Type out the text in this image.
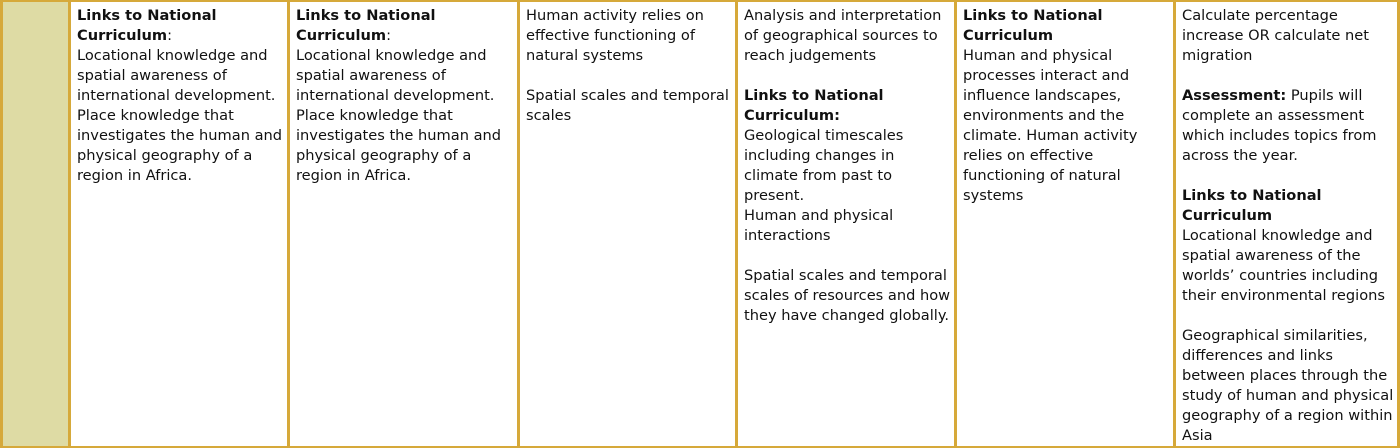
Links to National Curriculum:
Locational knowledge and spatial awareness of international development.
Place knowledge that investigates the human and physical geography of a region in Africa.
Links to National Curriculum:
Locational knowledge and spatial awareness of international development.
Place knowledge that investigates the human and physical geography of a region in Africa.
Human activity relies on effective functioning of natural systems
Spatial scales and temporal scales
Analysis and interpretation of geographical sources to reach judgements
Links to National Curriculum:
Geological timescales including changes in climate from past to present.
Human and physical interactions
Spatial scales and temporal scales of resources and how they have changed globally.
Links to National Curriculum
Human and physical processes interact and influence landscapes, environments and the climate. Human activity relies on effective functioning of natural systems
Calculate percentage increase OR calculate net migration
Assessment: Pupils will complete an assessment which includes topics from across the year.
Links to National Curriculum
Locational knowledge and spatial awareness of the worlds’ countries including their environmental regions
Geographical similarities, differences and links between places through the study of human and physical geography of a region within Asia
